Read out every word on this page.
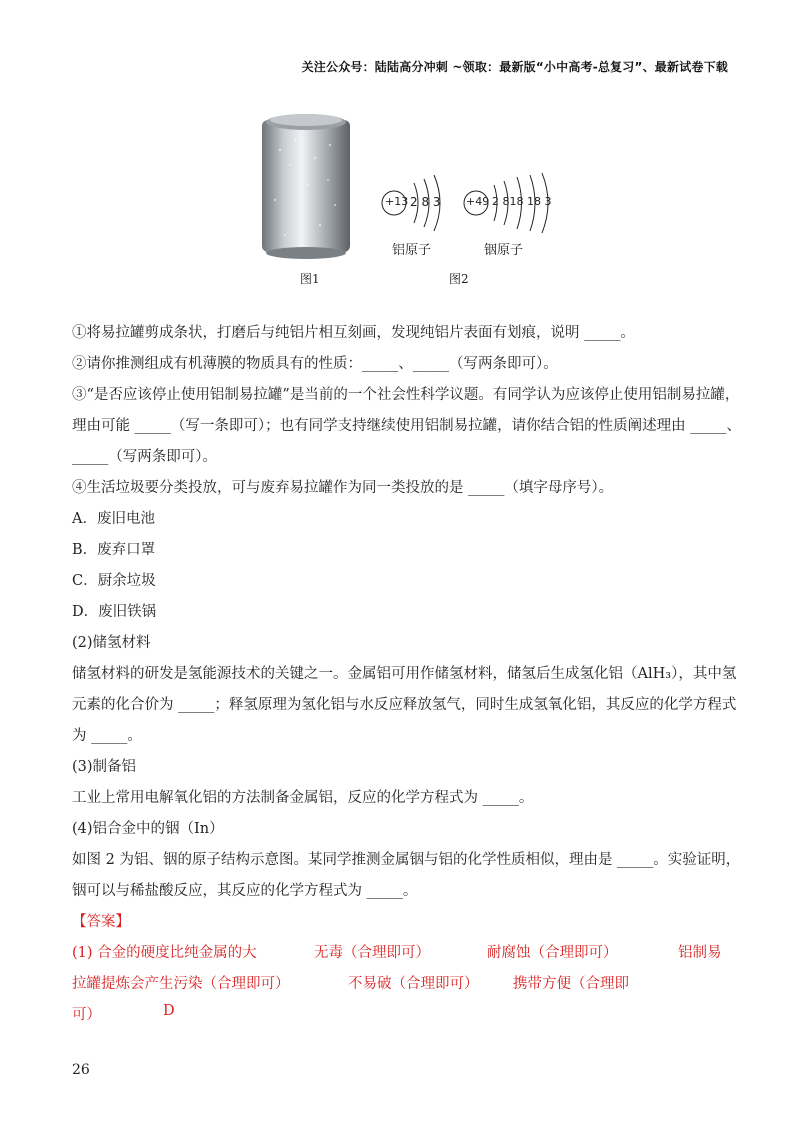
关注公众号：陆陆高分冲刺 ~领取：最新版“小中高考-总复习”、最新试卷下载
+13 2 8 3
铝原子
+49 2 818 18 3
铟原子
图1	图2
①将易拉罐剪成条状，打磨后与纯铝片相互刻画，发现纯铝片表面有划痕，说明 _____。
②请你推测组成有机薄膜的物质具有的性质：_____、_____（写两条即可）。
③“是否应该停止使用铝制易拉罐”是当前的一个社会性科学议题。有同学认为应该停止使用铝制易拉罐，
理由可能 _____（写一条即可）；也有同学支持继续使用铝制易拉罐，请你结合铝的性质阐述理由 _____、
_____（写两条即可）。
④生活垃圾要分类投放，可与废弃易拉罐作为同一类投放的是 _____（填字母序号）。
A．废旧电池
B．废弃口罩
C．厨余垃圾
D．废旧铁锅
(2)储氢材料
储氢材料的研发是氢能源技术的关键之一。金属铝可用作储氢材料，储氢后生成氢化铝（AlH₃），其中氢
元素的化合价为 _____；释氢原理为氢化铝与水反应释放氢气，同时生成氢氧化铝，其反应的化学方程式
为 _____。
(3)制备铝
工业上常用电解氧化铝的方法制备金属铝，反应的化学方程式为 _____。
(4)铝合金中的铟（In）
如图 2 为铝、铟的原子结构示意图。某同学推测金属铟与铝的化学性质相似，理由是 _____。实验证明，
铟可以与稀盐酸反应，其反应的化学方程式为 _____。
【答案】
(1) 合金的硬度比纯金属的大	无毒（合理即可）	耐腐蚀（合理即可）	铝制易
拉罐提炼会产生污染（合理即可）	不易破（合理即可） 携带方便（合理即
可）	D
26
